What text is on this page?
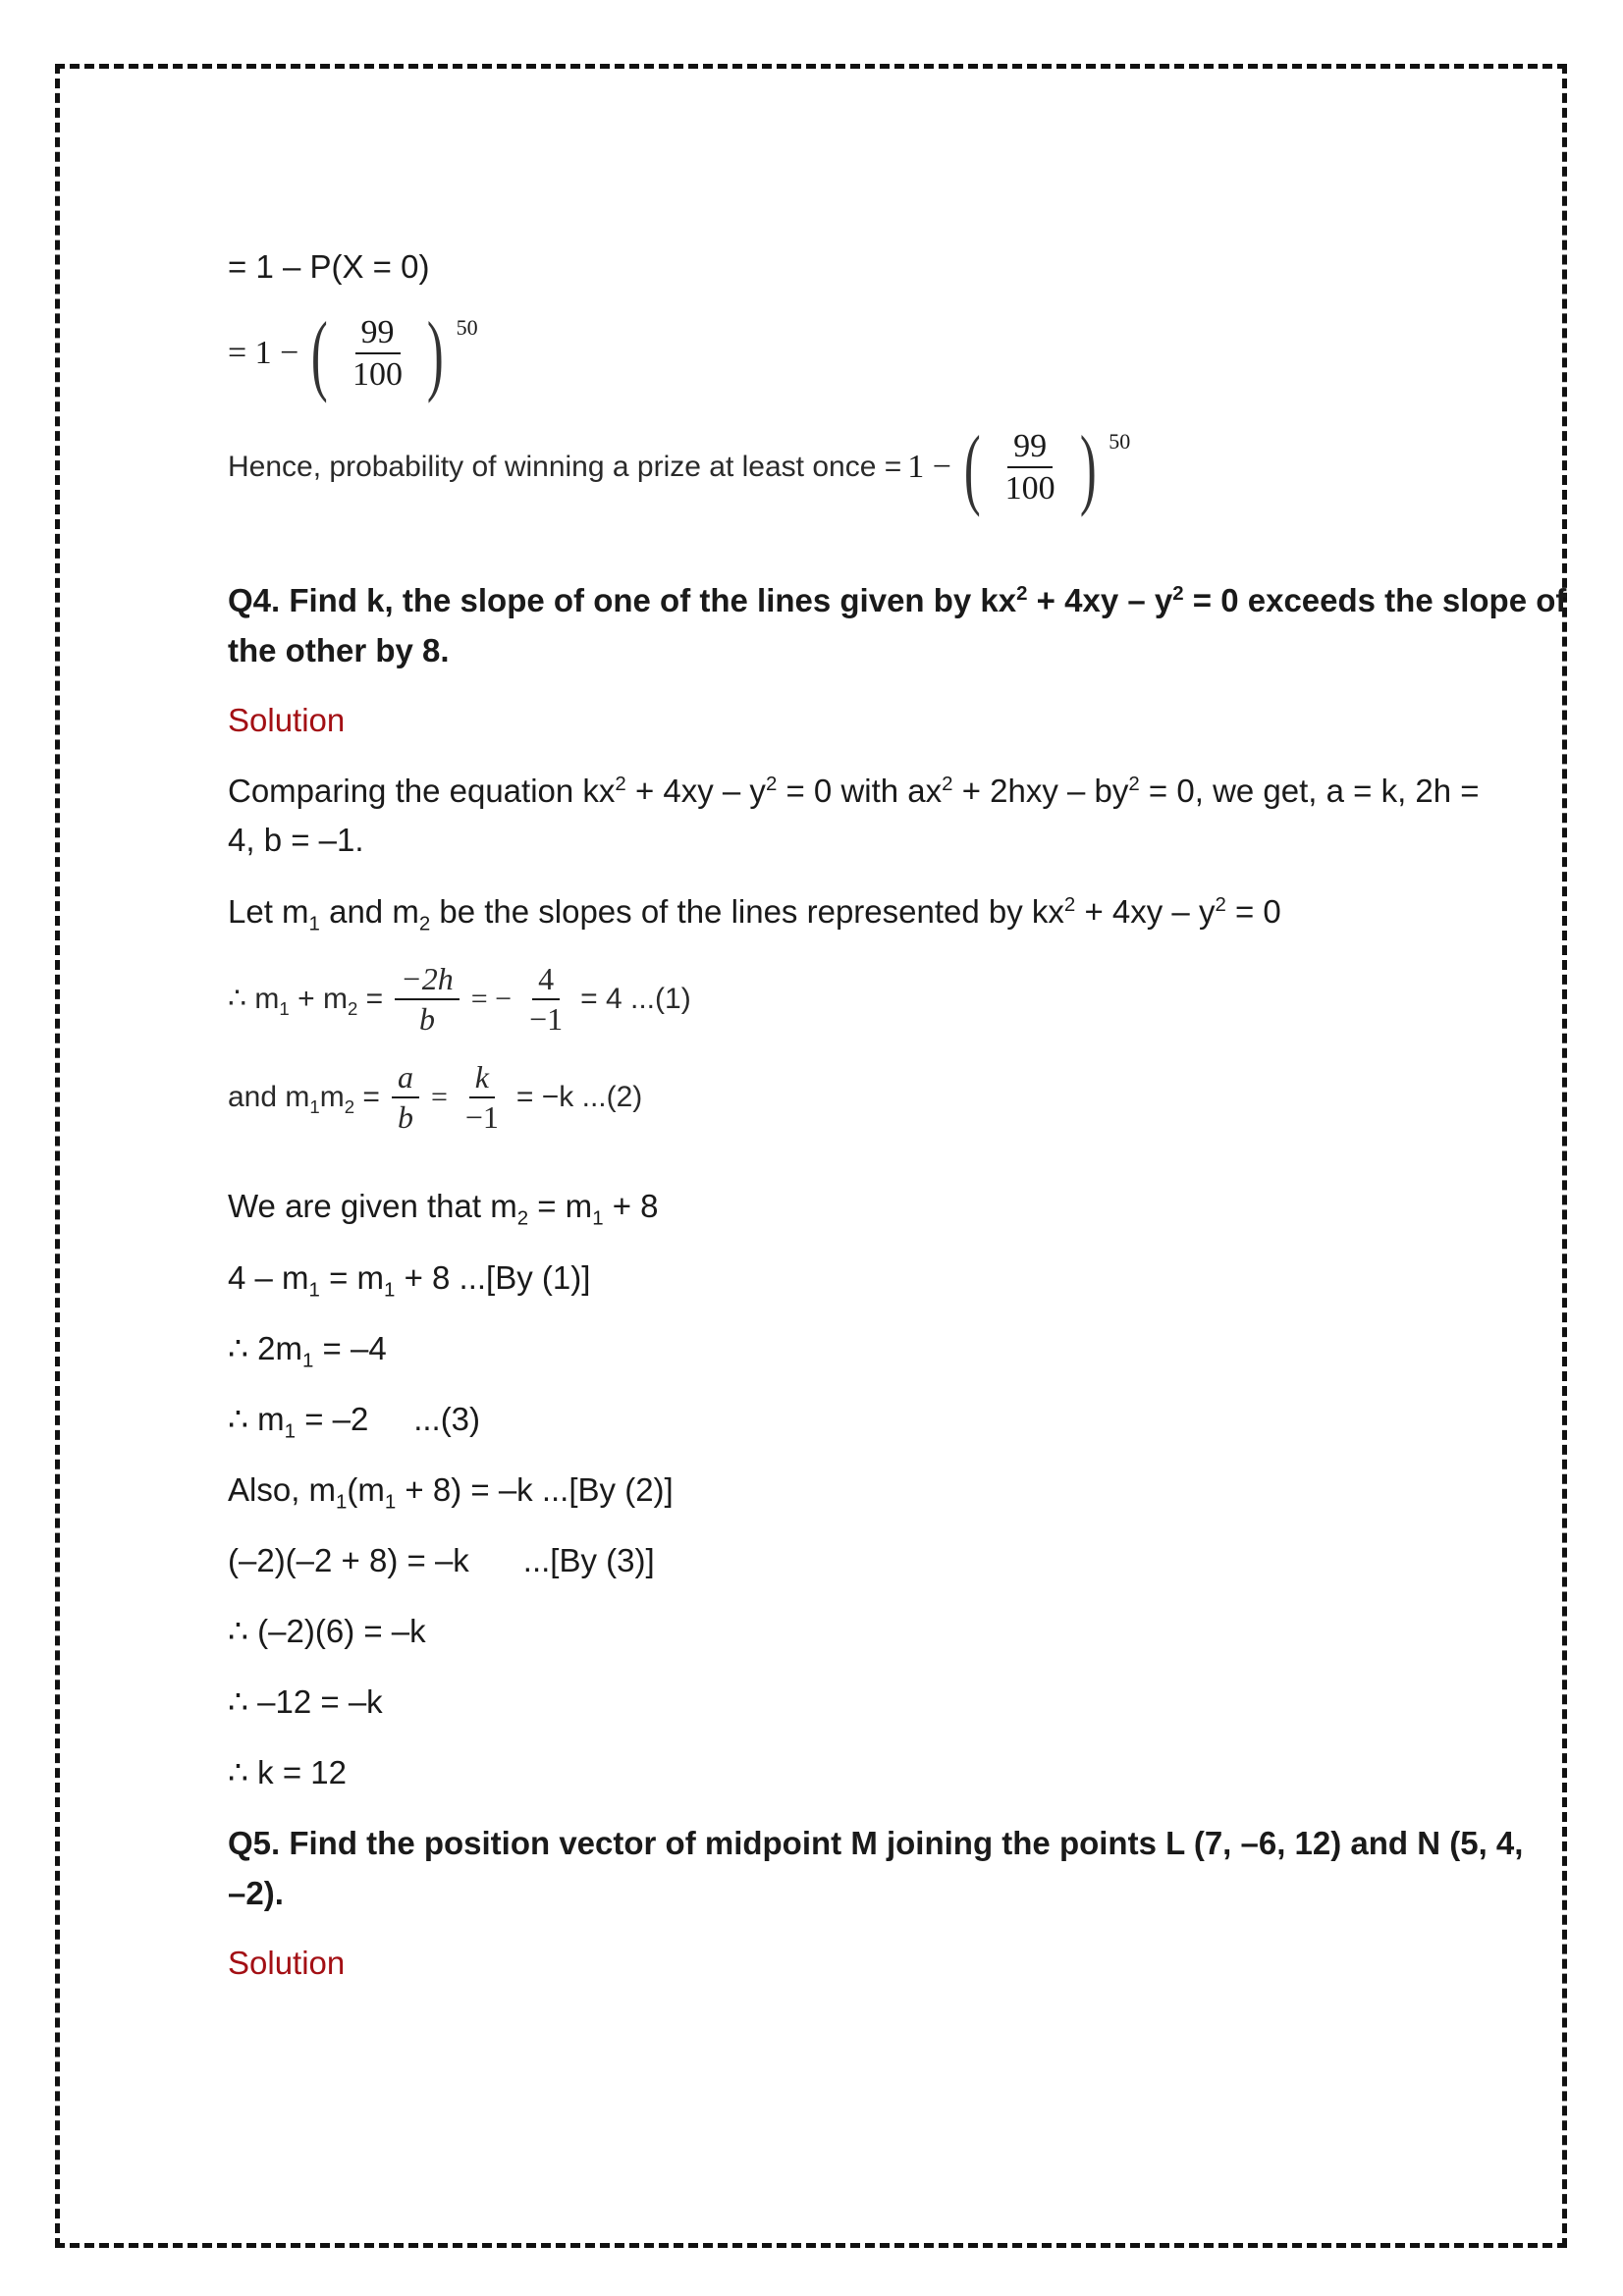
= 1 – P(X = 0)
= 1 − ( $\frac{99}{100}$ ) 50
Hence, probability of winning a prize at least once = 1 − ( $\frac{99}{100}$ ) 50
Q4. Find k, the slope of one of the lines given by $kx^2 + 4xy - y^2 = 0$ exceeds the slope of
the other by 8.
Solution
Comparing the equation $kx^2 + 4xy - y^2 = 0$ with $ax^2 + 2hxy - by^2 = 0$, we get, a = k, 2h =
4, b = –1.
Let $m_1$ and $m_2$ be the slopes of the lines represented by $kx^2 + 4xy - y^2 = 0$
∴ $m_1 + m_2 = \frac{-2h}{b}$ = − $\frac{4}{-1} = 4$ ...(1)
and $m_1m_2 = \frac{a}{b} = \frac{k}{-1} = -k$ ...(2)
We are given that $m_2 = m_1 + 8$
$4 - m_1 = m_1 + 8$ ...[By (1)]
∴ $2m_1 = -4$
∴ $m_1 = -2$     ...(3)
Also, $m_1(m_1 + 8) = -k$ ...[By (2)]
(–2)(–2 + 8) = –k      ...[By (3)]
∴ (–2)(6) = –k
∴ –12 = –k
∴ k = 12
Q5. Find the position vector of midpoint M joining the points L (7, –6, 12) and N (5, 4,
–2).
Solution
